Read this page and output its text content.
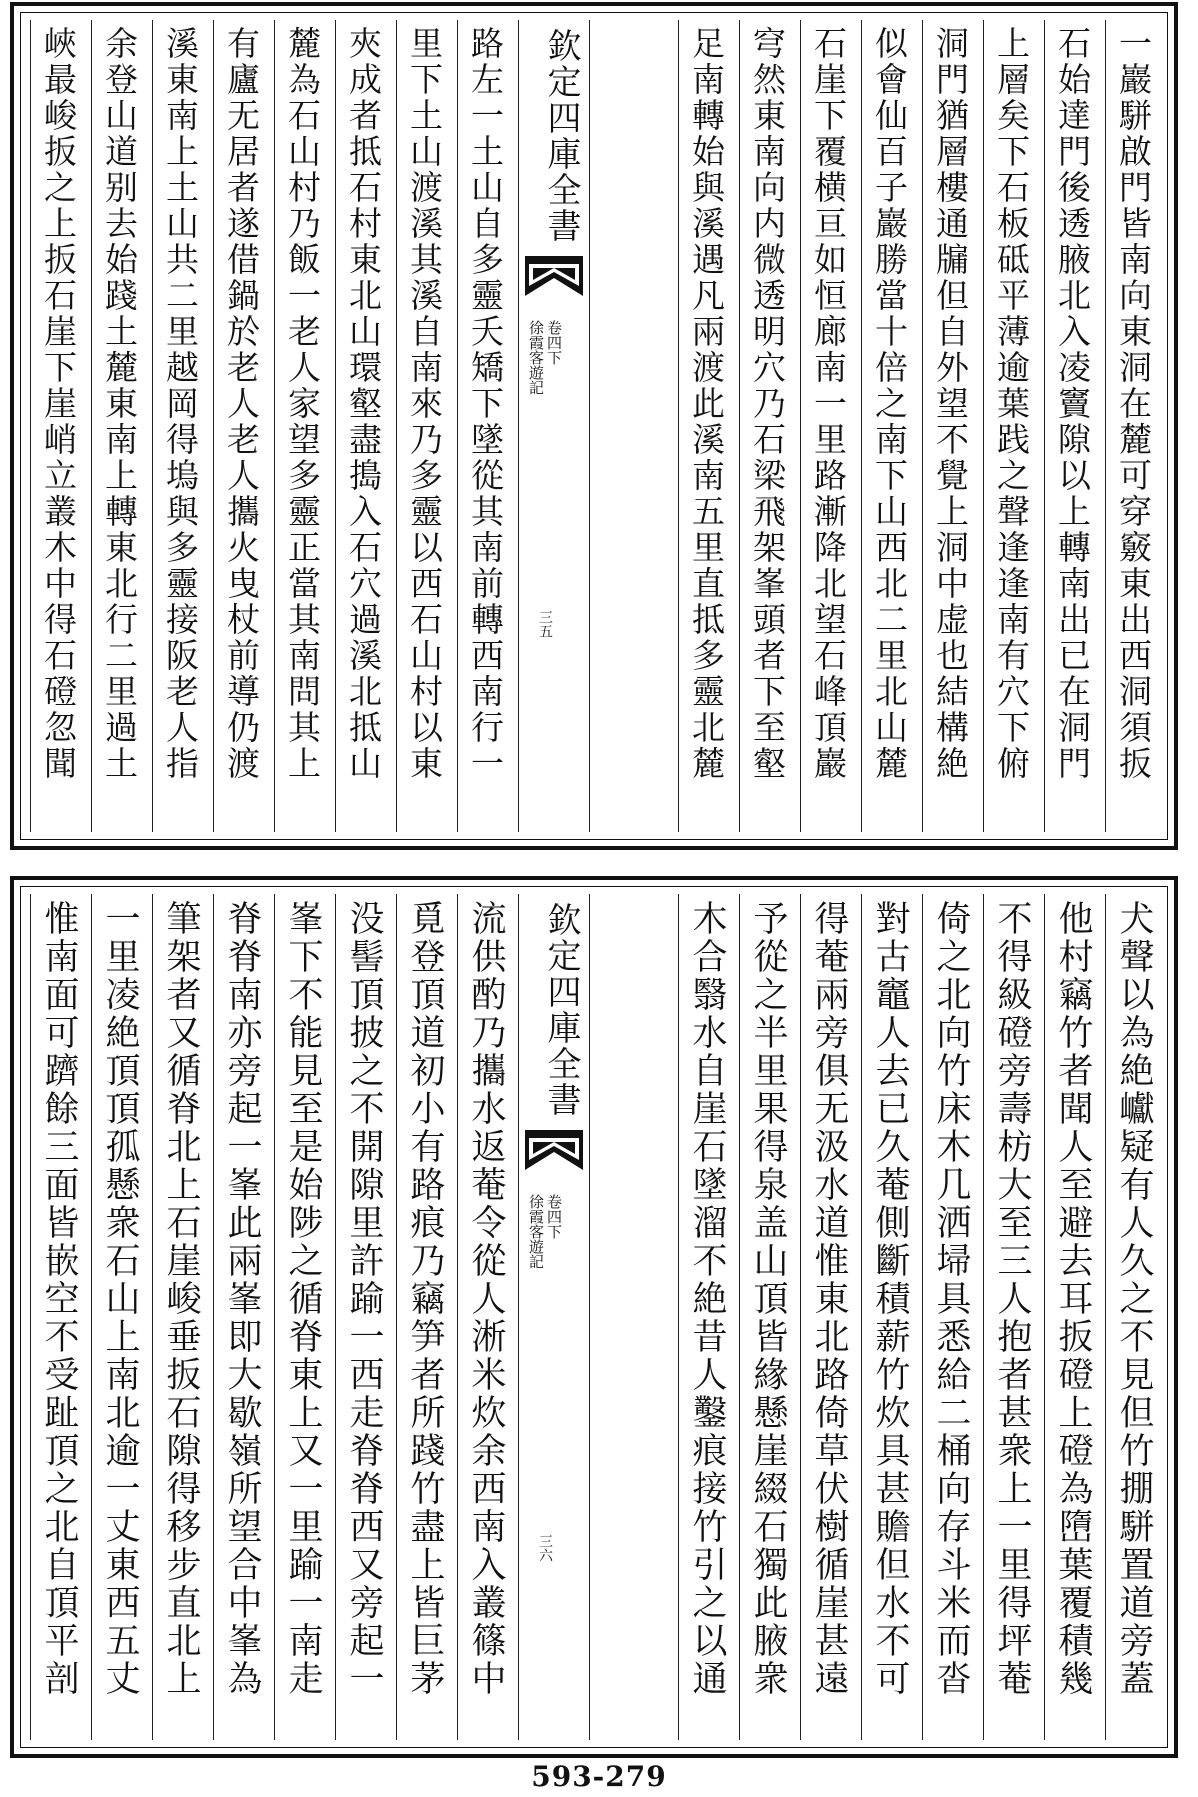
欽定四庫全書
徐霞客遊記 卷四下
三五	一巖駢啟門皆南向東洞在麓可穿竅東出西洞須扳
石始達門後透腋北入凌竇隙以上轉南出已在洞門
上層矣下石板砥平薄逾葉践之聲逢逢南有穴下俯
洞門猶層樓通牖但自外望不覺上洞中虚也結構絶
似會仙百子巖勝當十倍之南下山西北二里北山麓
石崖下覆横亘如恒廊南一里路漸降北望石峰頂巖
穹然東南向内微透明穴乃石梁飛架峯頭者下至壑
足南轉始與溪遇凡兩渡此溪南五里直抵多靈北麓
路左一土山自多靈夭矯下墜從其南前轉西南行一
里下土山渡溪其溪自南來乃多靈以西石山村以東
夾成者抵石村東北山環壑盡搗入石穴過溪北抵山
麓為石山村乃飯一老人家望多靈正當其南問其上
有廬无居者遂借鍋於老人老人攜火曳杖前導仍渡
溪東南上土山共二里越岡得塢與多靈接阪老人指
余登山道别去始踐土麓東南上轉東北行二里過土
峽最峻扳之上扳石崖下崖峭立叢木中得石磴忽聞
欽定四庫全書
徐霞客遊記 卷四下
三六	犬聲以為絶巘疑有人久之不見但竹掤駢置道旁蓋
他村竊竹者聞人至避去耳扳磴上磴為嶞葉覆積幾
不得級磴旁壽枋大至三人抱者甚衆上一里得坪菴
倚之北向竹床木几洒埽具悉給二桶向存斗米而沓
對古竈人去已久菴側斷積薪竹炊具甚贍但水不可
得菴兩旁俱无汲水道惟東北路倚草伏樹循崖甚遠
予從之半里果得泉盖山頂皆緣懸崖綴石獨此腋衆
木合翳水自崖石墜溜不絶昔人鑿痕接竹引之以通
流供酌乃攜水返菴令從人淅米炊余西南入叢篠中
覓登頂道初小有路痕乃竊笋者所踐竹盡上皆巨茅
没髻頂披之不開隙里許踰一西走脊脊西又旁起一
峯下不能見至是始陟之循脊東上又一里踰一南走
脊脊南亦旁起一峯此兩峯即大歇嶺所望合中峯為
筆架者又循脊北上石崖峻垂扳石隙得移步直北上
一里凌絶頂頂孤懸衆石山上南北逾一丈東西五丈
惟南面可躋餘三面皆嵌空不受趾頂之北自頂平剖
593-279
